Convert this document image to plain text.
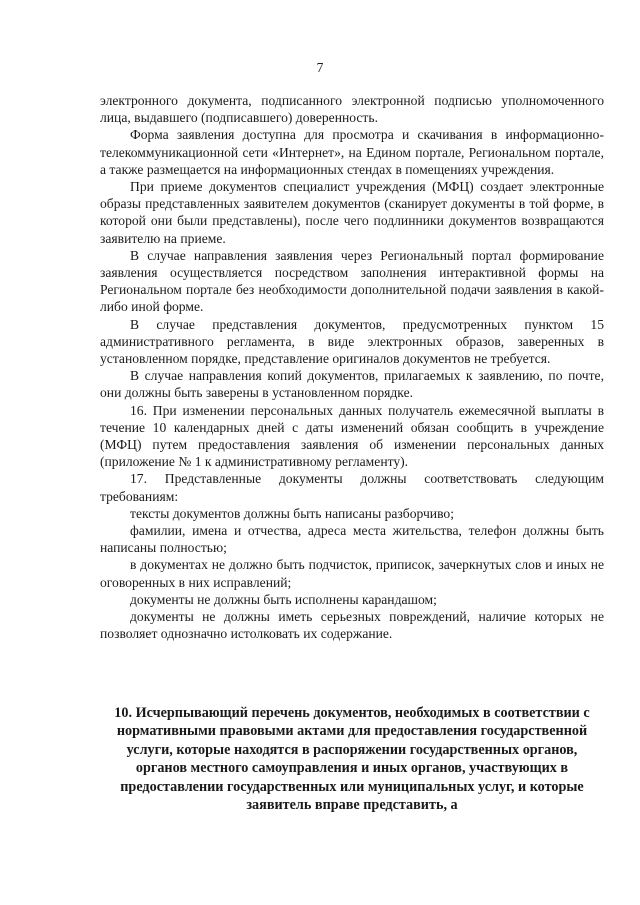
7

электронного документа, подписанного электронной подписью уполномоченного лица, выдавшего (подписавшего) доверенность.

Форма заявления доступна для просмотра и скачивания в информационно-телекоммуникационной сети «Интернет», на Едином портале, Региональном портале, а также размещается на информационных стендах в помещениях учреждения.

При приеме документов специалист учреждения (МФЦ) создает электронные образы представленных заявителем документов (сканирует документы в той форме, в которой они были представлены), после чего подлинники документов возвращаются заявителю на приеме.

В случае направления заявления через Региональный портал формирование заявления осуществляется посредством заполнения интерактивной формы на Региональном портале без необходимости дополнительной подачи заявления в какой-либо иной форме.

В случае представления документов, предусмотренных пунктом 15 административного регламента, в виде электронных образов, заверенных в установленном порядке, представление оригиналов документов не требуется.

В случае направления копий документов, прилагаемых к заявлению, по почте, они должны быть заверены в установленном порядке.

16. При изменении персональных данных получатель ежемесячной выплаты в течение 10 календарных дней с даты изменений обязан сообщить в учреждение (МФЦ) путем предоставления заявления об изменении персональных данных (приложение № 1 к административному регламенту).

17. Представленные документы должны соответствовать следующим требованиям:

тексты документов должны быть написаны разборчиво;

фамилии, имена и отчества, адреса места жительства, телефон должны быть написаны полностью;

в документах не должно быть подчисток, приписок, зачеркнутых слов и иных не оговоренных в них исправлений;

документы не должны быть исполнены карандашом;

документы не должны иметь серьезных повреждений, наличие которых не позволяет однозначно истолковать их содержание.

10. Исчерпывающий перечень документов, необходимых в соответствии с нормативными правовыми актами для предоставления государственной услуги, которые находятся в распоряжении государственных органов, органов местного самоуправления и иных органов, участвующих в предоставлении государственных или муниципальных услуг, и которые заявитель вправе представить, а
